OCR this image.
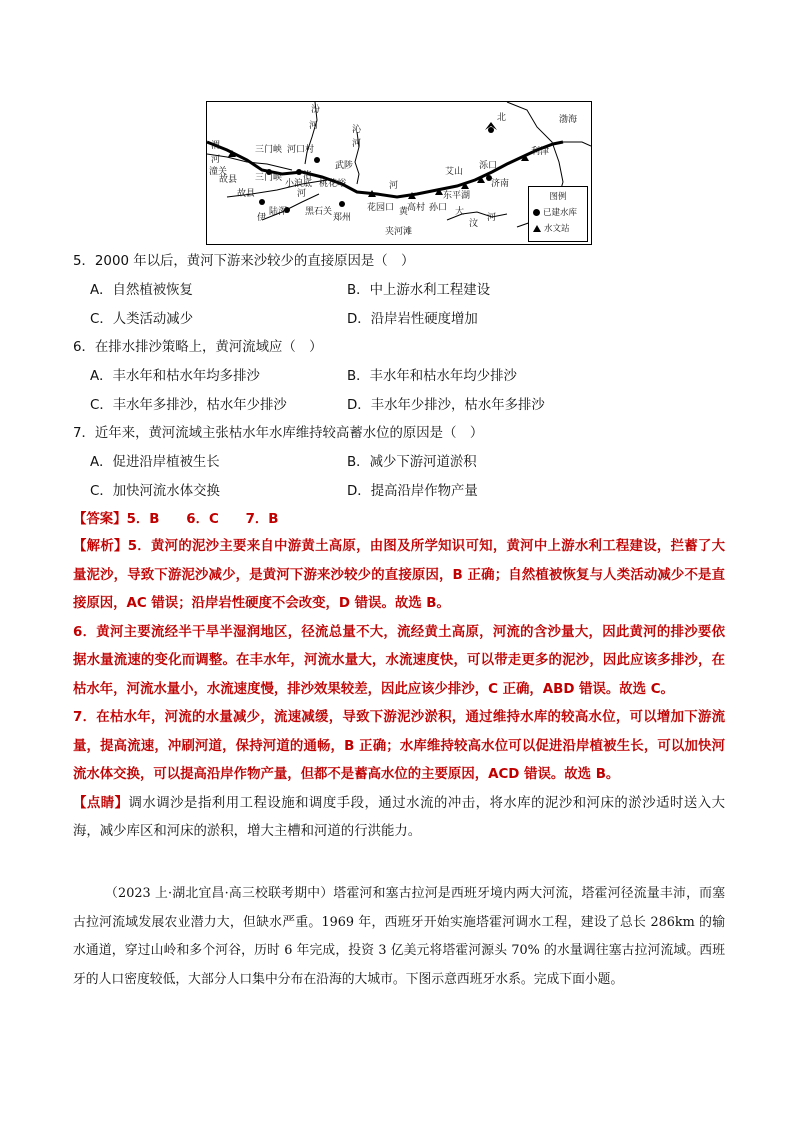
汾
河
渭
河
潼关
三门峡 河口村
沁
河
武陟
桃花峪
三门峡
小浪底
洛
河
故县
陆浑
伊
故县
郑州
黑石关	花园口
夹河滩
高村 孙口
东平湖
黄	大
汶
河
艾山
泺口
济南
利津
渤海
河
北
图例
已建水库
水文站
5．2000 年以后，黄河下游来沙较少的直接原因是（　）
A．自然植被恢复	B．中上游水利工程建设
C．人类活动减少	D．沿岸岩性硬度增加
6．在排水排沙策略上，黄河流域应（　）
A．丰水年和枯水年均多排沙	B．丰水年和枯水年均少排沙
C．丰水年多排沙，枯水年少排沙	D．丰水年少排沙，枯水年多排沙
7．近年来，黄河流域主张枯水年水库维持较高蓄水位的原因是（　）
A．促进沿岸植被生长	B．减少下游河道淤积
C．加快河流水体交换	D．提高沿岸作物产量
【答案】5．B　　6．C　　7．B
【解析】5．黄河的泥沙主要来自中游黄土高原，由图及所学知识可知，黄河中上游水利工程建设，拦蓄了大量泥沙，导致下游泥沙减少，是黄河下游来沙较少的直接原因，B 正确；自然植被恢复与人类活动减少不是直接原因，AC 错误；沿岸岩性硬度不会改变，D 错误。故选 B。
6．黄河主要流经半干旱半湿润地区，径流总量不大，流经黄土高原，河流的含沙量大，因此黄河的排沙要依据水量流速的变化而调整。在丰水年，河流水量大，水流速度快，可以带走更多的泥沙，因此应该多排沙，在枯水年，河流水量小，水流速度慢，排沙效果较差，因此应该少排沙，C 正确，ABD 错误。故选 C。
7．在枯水年，河流的水量减少，流速减缓，导致下游泥沙淤积，通过维持水库的较高水位，可以增加下游流量，提高流速，冲刷河道，保持河道的通畅，B 正确；水库维持较高水位可以促进沿岸植被生长，可以加快河流水体交换，可以提高沿岸作物产量，但都不是蓄高水位的主要原因，ACD 错误。故选 B。
【点睛】调水调沙是指利用工程设施和调度手段，通过水流的冲击，将水库的泥沙和河床的淤沙适时送入大海，减少库区和河床的淤积，增大主槽和河道的行洪能力。
（2023 上·湖北宜昌·高三校联考期中）塔霍河和塞古拉河是西班牙境内两大河流，塔霍河径流量丰沛，而塞古拉河流域发展农业潜力大，但缺水严重。1969 年，西班牙开始实施塔霍河调水工程，建设了总长 286km 的输水通道，穿过山岭和多个河谷，历时 6 年完成，投资 3 亿美元将塔霍河源头 70% 的水量调往塞古拉河流域。西班牙的人口密度较低，大部分人口集中分布在沿海的大城市。下图示意西班牙水系。完成下面小题。
